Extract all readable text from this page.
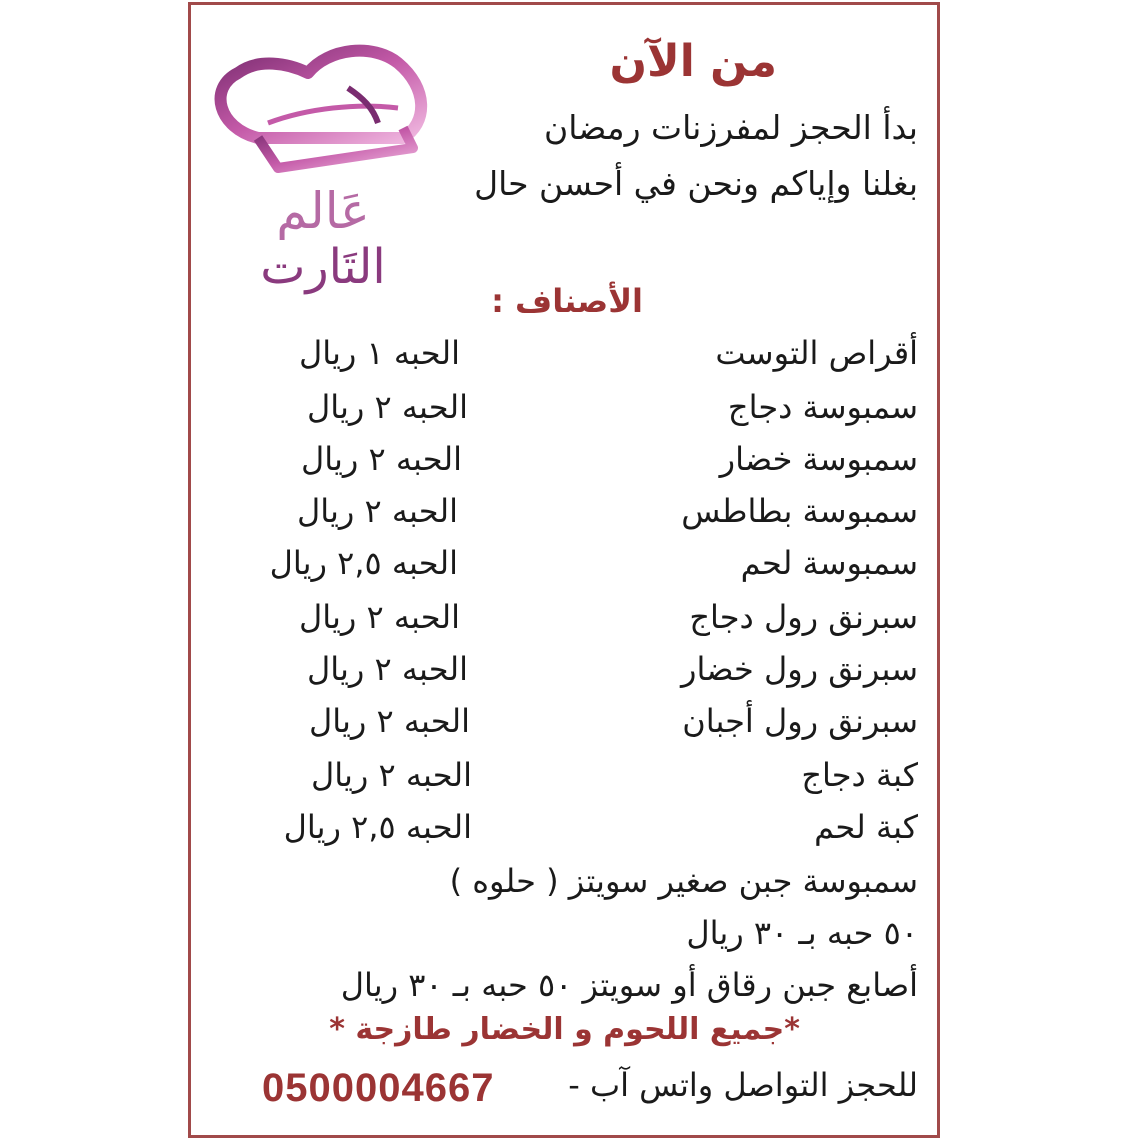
عَالم
التَارت
من الآن
بدأ الحجز لمفرزنات رمضان
بغلنا وإياكم ونحن في أحسن حال
الأصناف :
أقراص التوست
الحبه ١ ريال
سمبوسة دجاج
الحبه ٢ ريال
سمبوسة خضار
الحبه ٢ ريال
سمبوسة بطاطس
الحبه ٢ ريال
سمبوسة لحم
الحبه ٢,٥ ريال
سبرنق رول دجاج
الحبه ٢ ريال
سبرنق رول خضار
الحبه ٢ ريال
سبرنق رول أجبان
الحبه ٢ ريال
كبة دجاج
الحبه ٢ ريال
كبة لحم
الحبه ٢,٥ ريال
سمبوسة جبن صغير سويتز ( حلوه )
٥٠ حبه بـ ٣٠ ريال
أصابع جبن رقاق أو سويتز ٥٠ حبه بـ ٣٠ ريال
*جميع اللحوم و الخضار طازجة *
للحجز التواصل واتس آب -
0500004667
